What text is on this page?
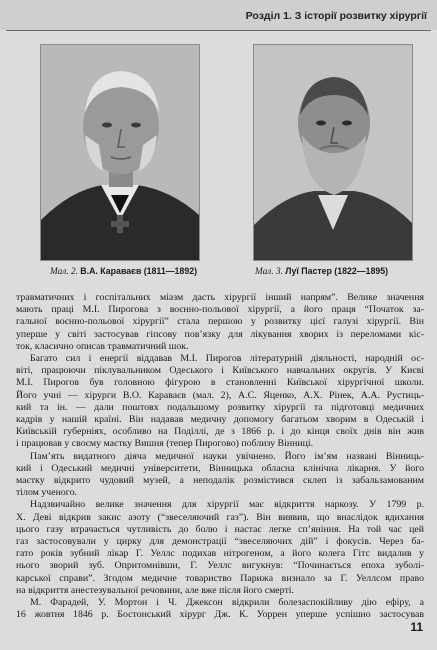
Розділ 1. З історії розвитку хірургії
Мал. 2. В.А. Караваєв (1811—1892)	Мал. 3. Луї Пастер (1822—1895)
травматичних і госпітальних міазм дасть хірургії інший напрям”. Велике значення
мають праці М.І. Пирогова з воєнно-польової хірургії, а його праця “Початок за-
гальної воєнно-польової хірургії” стала першою у розвитку цієї галузі хірургії. Він
уперше у світі застосував гіпсову пов’язку для лікування хворих із переломами кіс-
ток, класично описав травматичний шок.
Багато сил і енергії віддавав М.І. Пирогов літературній діяльності, народній ос-
віті, працюючи піклувальником Одеського і Київського навчальних округів. У Києві
М.І. Пирогов був головною фігурою в становленні Київської хірургічної школи.
Його учні — хірурги В.О. Караваєв (мал. 2), А.С. Яценко, А.Х. Рінек, А.А. Рустиць-
кий та ін. — дали поштовх подальшому розвитку хірургії та підготовці медичних
кадрів у нашій країні. Він надавав медичну допомогу багатьом хворим в Одеській і
Київській губерніях, особливо на Поділлі, де з 1866 р. і до кінця своїх днів він жив
і працював у своєму маєтку Вишня (тепер Пирогово) поблизу Вінниці.
Пам’ять видатного діяча медичної науки увічнено. Його ім’ям названі Вінниць-
кий і Одеський медичні університети, Вінницька обласна клінічна лікарня. У його
маєтку відкрито чудовий музей, а неподалік розмістився склеп із забальзамованим
тілом ученого.
Надзвичайно велике значення для хірургії має відкриття наркозу. У 1799 р.
Х. Деві відкрив закис азоту (“звеселяючий газ”). Він виявив, що внаслідок вдихання
цього газу втрачається чутливість до болю і настає легке сп’яніння. На той час цей
газ застосовували у цирку для демонстрації “звеселяючих дій” і фокусів. Через ба-
гато років зубний лікар Г. Уеллс подихав нітрогеном, а його колега Гітс видалив у
нього зворий зуб. Опритомнівши, Г. Уеллс вигукнув: “Починається епоха зуболі-
карської справи”. Згодом медичне товариство Парижа визнало за Г. Уеллсом право
на відкриття анестезувальної речовини, але вже після його смерті.
М. Фарадей, У. Мортон і Ч. Джексон відкрили болезаспокійливу дію ефіру, а
16 жовтня 1846 р. Бостонський хірург Дж. К. Уоррен уперше успішно застосував
11
